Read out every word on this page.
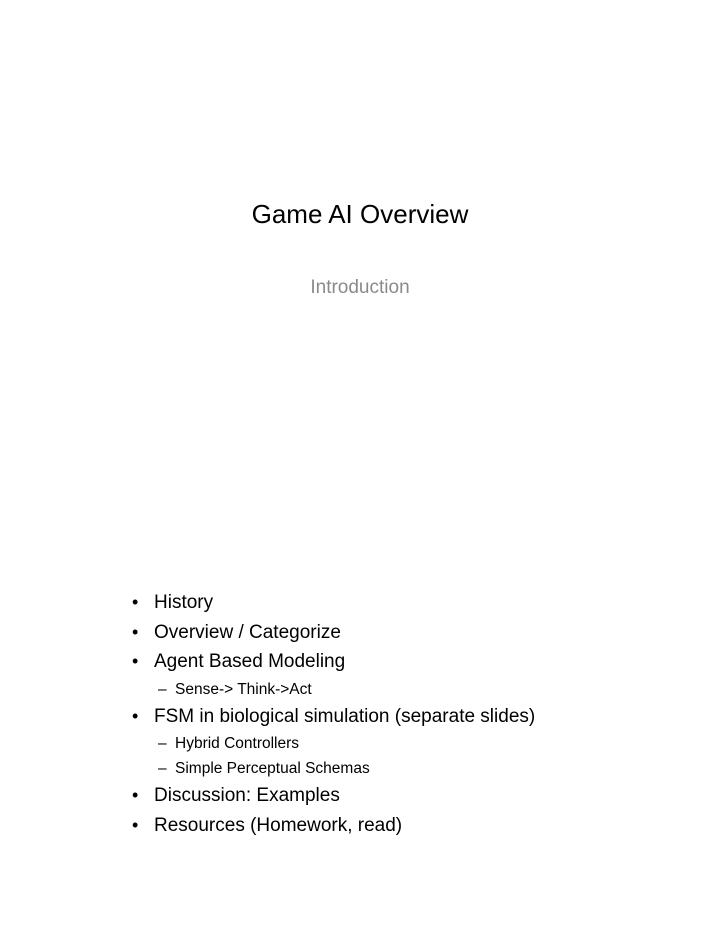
Game AI Overview
Introduction
• History
• Overview / Categorize
• Agent Based Modeling
– Sense-> Think->Act
• FSM in biological simulation (separate slides)
– Hybrid Controllers
– Simple Perceptual Schemas
• Discussion: Examples
• Resources (Homework, read)
